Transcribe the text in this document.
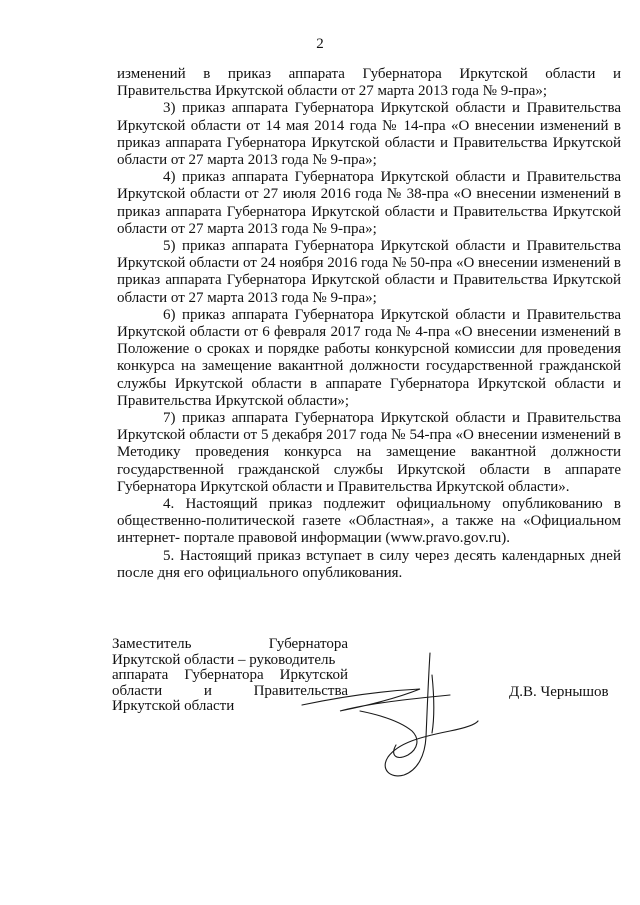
2

изменений в приказ аппарата Губернатора Иркутской области и Правительства Иркутской области от 27 марта 2013 года № 9-пра»;

3) приказ аппарата Губернатора Иркутской области и Правительства Иркутской области от 14 мая 2014 года № 14-пра «О внесении изменений в приказ аппарата Губернатора Иркутской области и Правительства Иркутской области от 27 марта 2013 года № 9-пра»;

4) приказ аппарата Губернатора Иркутской области и Правительства Иркутской области от 27 июля 2016 года № 38-пра «О внесении изменений в приказ аппарата Губернатора Иркутской области и Правительства Иркутской области от 27 марта 2013 года № 9-пра»;

5) приказ аппарата Губернатора Иркутской области и Правительства Иркутской области от 24 ноября 2016 года № 50-пра «О внесении изменений в приказ аппарата Губернатора Иркутской области и Правительства Иркутской области от 27 марта 2013 года № 9-пра»;

6) приказ аппарата Губернатора Иркутской области и Правительства Иркутской области от 6 февраля 2017 года № 4-пра «О внесении изменений в Положение о сроках и порядке работы конкурсной комиссии для проведения конкурса на замещение вакантной должности государственной гражданской службы Иркутской области в аппарате Губернатора Иркутской области и Правительства Иркутской области»;

7) приказ аппарата Губернатора Иркутской области и Правительства Иркутской области от 5 декабря 2017 года № 54-пра «О внесении изменений в Методику проведения конкурса на замещение вакантной должности государственной гражданской службы Иркутской области в аппарате Губернатора Иркутской области и Правительства Иркутской области».

4. Настоящий приказ подлежит официальному опубликованию в общественно-политической газете «Областная», а также на «Официальном интернет- портале правовой информации (www.pravo.gov.ru).

5. Настоящий приказ вступает в силу через десять календарных дней после дня его официального опубликования.

Заместитель	Губернатора
Иркутской области – руководитель
аппарата Губернатора Иркутской
области	и	Правительства
Иркутской области
Д.В. Чернышов
